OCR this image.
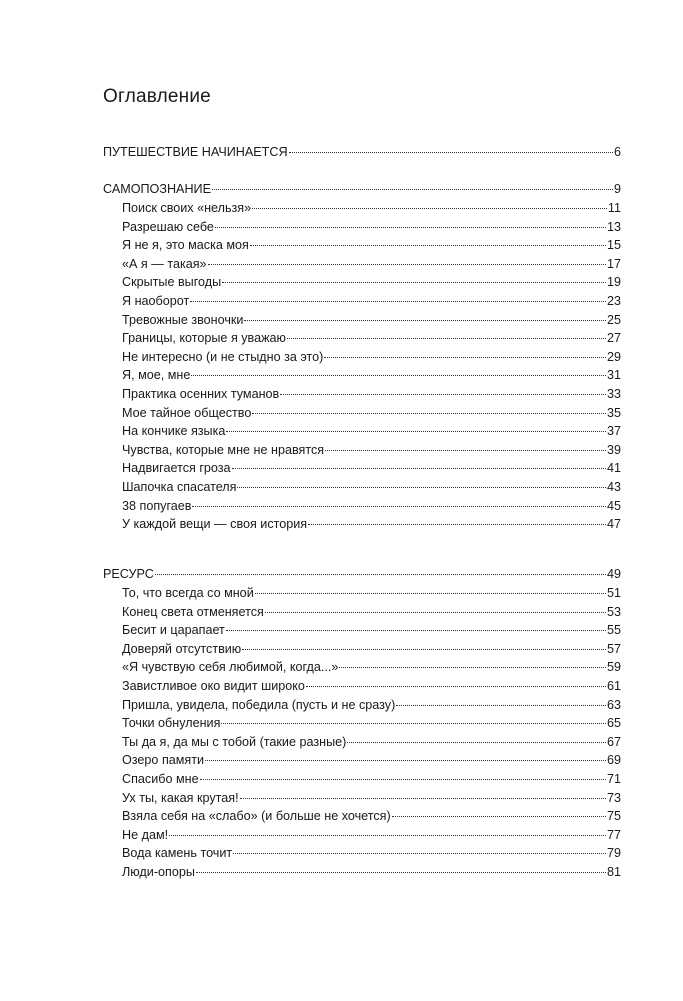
Оглавление
ПУТЕШЕСТВИЕ НАЧИНАЕТСЯ	6
САМОПОЗНАНИЕ	9
Поиск своих «нельзя»	11
Разрешаю себе	13
Я не я, это маска моя	15
«А я — такая»	17
Скрытые выгоды	19
Я наоборот	23
Тревожные звоночки	25
Границы, которые я уважаю	27
Не интересно (и не стыдно за это)	29
Я, мое, мне	31
Практика осенних туманов	33
Мое тайное общество	35
На кончике языка	37
Чувства, которые мне не нравятся	39
Надвигается гроза	41
Шапочка спасателя	43
38 попугаев	45
У каждой вещи — своя история	47
РЕСУРС	49
То, что всегда со мной	51
Конец света отменяется	53
Бесит и царапает	55
Доверяй отсутствию	57
«Я чувствую себя любимой, когда...»	59
Завистливое око видит широко	61
Пришла, увидела, победила (пусть и не сразу)	63
Точки обнуления	65
Ты да я, да мы с тобой (такие разные)	67
Озеро памяти	69
Спасибо мне	71
Ух ты, какая крутая!	73
Взяла себя на «слабо» (и больше не хочется)	75
Не дам!	77
Вода камень точит	79
Люди-опоры	81
